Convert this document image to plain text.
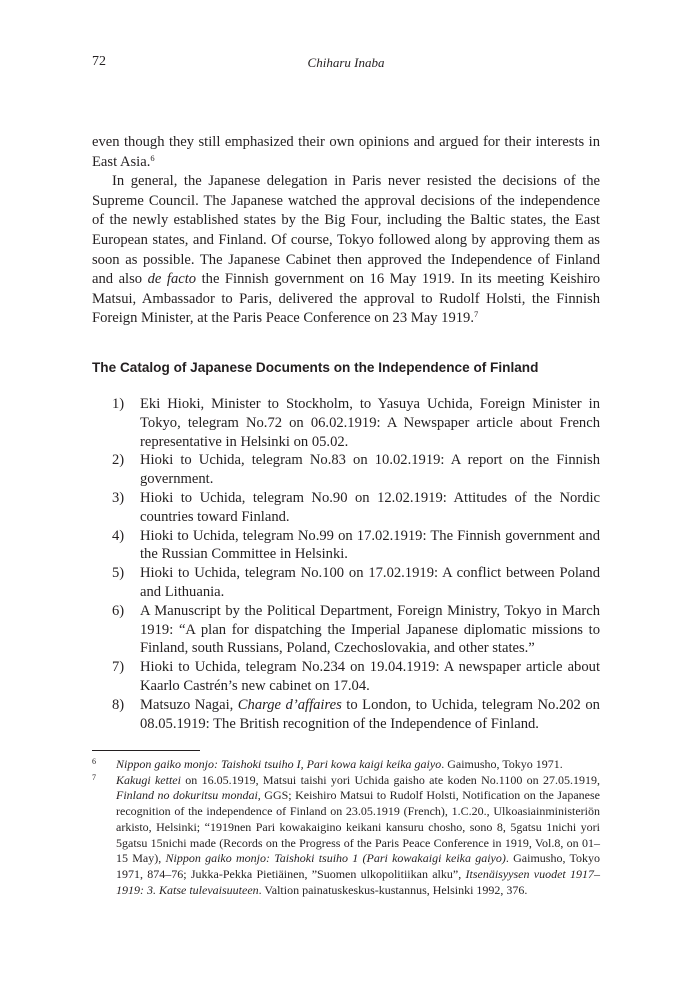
72	Chiharu Inaba

even though they still emphasized their own opinions and argued for their interests in East Asia.$^6$

In general, the Japanese delegation in Paris never resisted the decisions of the Supreme Council. The Japanese watched the approval decisions of the independence of the newly established states by the Big Four, including the Baltic states, the East European states, and Finland. Of course, Tokyo followed along by approving them as soon as possible. The Japanese Cabinet then approved the Independence of Finland and also de facto the Finnish government on 16 May 1919. In its meeting Keishiro Matsui, Ambassador to Paris, delivered the approval to Rudolf Holsti, the Finnish Foreign Minister, at the Paris Peace Conference on 23 May 1919.$^7$

The Catalog of Japanese Documents on the Independence of Finland
1) Eki Hioki, Minister to Stockholm, to Yasuya Uchida, Foreign Minister in Tokyo, telegram No.72 on 06.02.1919: A Newspaper article about French representative in Helsinki on 05.02.
2) Hioki to Uchida, telegram No.83 on 10.02.1919: A report on the Finnish government.
3) Hioki to Uchida, telegram No.90 on 12.02.1919: Attitudes of the Nordic countries toward Finland.
4) Hioki to Uchida, telegram No.99 on 17.02.1919: The Finnish government and the Russian Committee in Helsinki.
5) Hioki to Uchida, telegram No.100 on 17.02.1919: A conflict between Poland and Lithuania.
6) A Manuscript by the Political Department, Foreign Ministry, Tokyo in March 1919: “A plan for dispatching the Imperial Japanese diplomatic missions to Finland, south Russians, Poland, Czechoslovakia, and other states.”
7) Hioki to Uchida, telegram No.234 on 19.04.1919: A newspaper article about Kaarlo Castrén’s new cabinet on 17.04.
8) Matsuzo Nagai, Charge d’affaires to London, to Uchida, telegram No.202 on 08.05.1919: The British recognition of the Independence of Finland.
6 Nippon gaiko monjo: Taishoki tsuiho I, Pari kowa kaigi keika gaiyo. Gaimusho, Tokyo 1971.
7 Kakugi kettei on 16.05.1919, Matsui taishi yori Uchida gaisho ate koden No.1100 on 27.05.1919, Finland no dokuritsu mondai, GGS; Keishiro Matsui to Rudolf Holsti, Notification on the Japanese recognition of the independence of Finland on 23.05.1919 (French), 1.C.20., Ulkoasiainministeriön arkisto, Helsinki; “1919nen Pari kowakaigino keikani kansuru chosho, sono 8, 5gatsu 1nichi yori 5gatsu 15nichi made (Records on the Progress of the Paris Peace Conference in 1919, Vol.8, on 01–15 May), Nippon gaiko monjo: Taishoki tsuiho 1 (Pari kowakaigi keika gaiyo). Gaimusho, Tokyo 1971, 874–76; Jukka-Pekka Pietiäinen, ”Suomen ulkopolitiikan alku”, Itsenäisyysen vuodet 1917–1919: 3. Katse tulevaisuuteen. Valtion painatuskeskus-kustannus, Helsinki 1992, 376.
